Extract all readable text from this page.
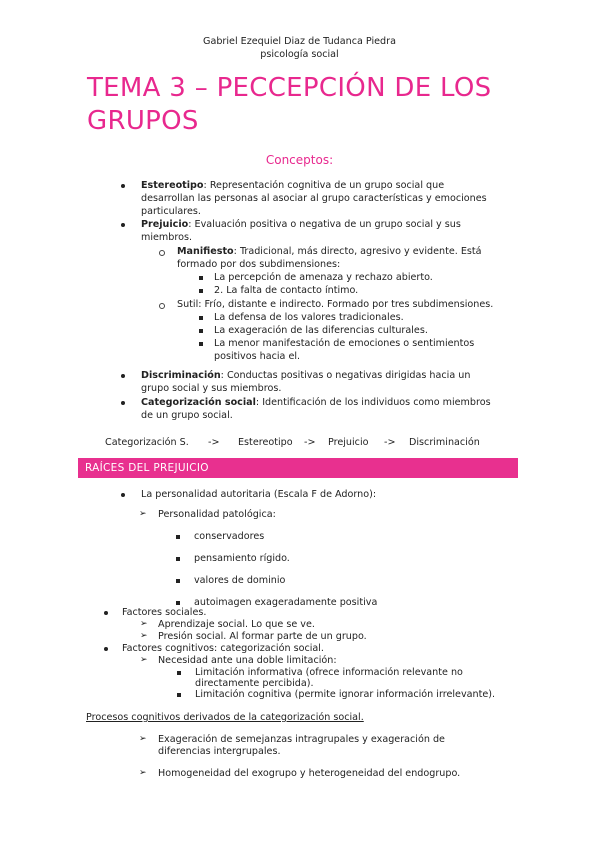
Gabriel Ezequiel Diaz de Tudanca Piedra
psicología social
TEMA 3 – PECCEPCIÓN DE LOS GRUPOS
Conceptos:
Estereotipo: Representación cognitiva de un grupo social que
desarrollan las personas al asociar al grupo características y emociones
particulares.
Prejuicio: Evaluación positiva o negativa de un grupo social y sus
miembros.
Manifiesto: Tradicional, más directo, agresivo y evidente. Está
formado por dos subdimensiones:
La percepción de amenaza y rechazo abierto.
2. La falta de contacto íntimo.
Sutil: Frío, distante e indirecto. Formado por tres subdimensiones.
La defensa de los valores tradicionales.
La exageración de las diferencias culturales.
La menor manifestación de emociones o sentimientos
positivos hacia el.
Discriminación: Conductas positivas o negativas dirigidas hacia un
grupo social y sus miembros.
Categorización social: Identificación de los individuos como miembros
de un grupo social.
Categorización S. -> Estereotipo -> Prejuicio -> Discriminación
RAÍCES DEL PREJUICIO
La personalidad autoritaria (Escala F de Adorno):
➢ Personalidad patológica:
conservadores
pensamiento rígido.
valores de dominio
autoimagen exageradamente positiva
Factores sociales.
➢ Aprendizaje social. Lo que se ve.
➢ Presión social. Al formar parte de un grupo.
Factores cognitivos: categorización social.
➢ Necesidad ante una doble limitación:
Limitación informativa (ofrece información relevante no
directamente percibida).
Limitación cognitiva (permite ignorar información irrelevante).
Procesos cognitivos derivados de la categorización social.
➢ Exageración de semejanzas intragrupales y exageración de
diferencias intergrupales.
➢ Homogeneidad del exogrupo y heterogeneidad del endogrupo.
